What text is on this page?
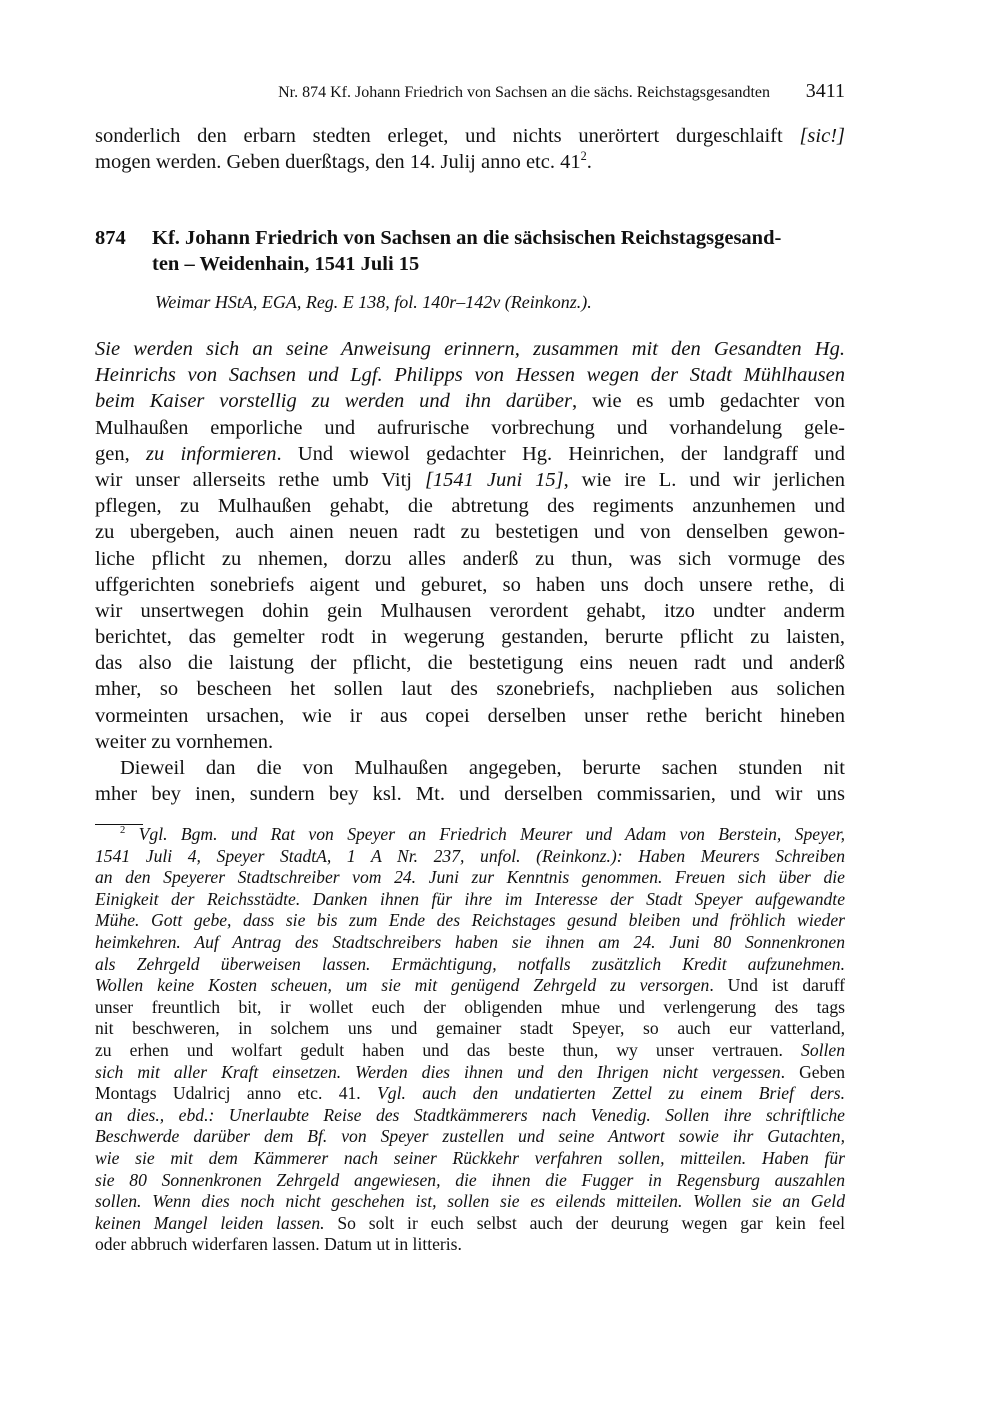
Nr. 874 Kf. Johann Friedrich von Sachsen an die sächs. Reichstagsgesandten 3411
sonderlich den erbarn stedten erleget, und nichts unerörtert durgeschlaift [sic!]
mogen werden. Geben duerßtags, den 14. Julij anno etc. $41^2$.
874 Kf. Johann Friedrich von Sachsen an die sächsischen Reichstagsgesand-
ten – Weidenhain, 1541 Juli 15
Weimar HStA, EGA, Reg. E 138, fol. 140r–142v (Reinkonz.).
Sie werden sich an seine Anweisung erinnern, zusammen mit den Gesandten Hg.
Heinrichs von Sachsen und Lgf. Philipps von Hessen wegen der Stadt Mühlhausen
beim Kaiser vorstellig zu werden und ihn darüber, wie es umb gedachter von
Mulhaußen emporliche und aufrurische vorbrechung und vorhandelung gele-
gen, zu informieren. Und wiewol gedachter Hg. Heinrichen, der landgraff und
wir unser allerseits rethe umb Vitj [1541 Juni 15], wie ire L. und wir jerlichen
pflegen, zu Mulhaußen gehabt, die abtretung des regiments anzunhemen und
zu ubergeben, auch ainen neuen radt zu bestetigen und von denselben gewon-
liche pflicht zu nhemen, dorzu alles anderß zu thun, was sich vormuge des
uffgerichten sonebriefs aigent und geburet, so haben uns doch unsere rethe, di
wir unsertwegen dohin gein Mulhausen verordent gehabt, itzo undter anderm
berichtet, das gemelter rodt in wegerung gestanden, berurte pflicht zu laisten,
das also die laistung der pflicht, die bestetigung eins neuen radt und anderß
mher, so bescheen het sollen laut des szonebriefs, nachplieben aus solichen
vormeinten ursachen, wie ir aus copei derselben unser rethe bericht hineben
weiter zu vornhemen.
Dieweil dan die von Mulhaußen angegeben, berurte sachen stunden nit
mher bey inen, sundern bey ksl. Mt. und derselben commissarien, und wir uns
$^2$ Vgl. Bgm. und Rat von Speyer an Friedrich Meurer und Adam von Berstein, Speyer,
1541 Juli 4, Speyer StadtA, 1 A Nr. 237, unfol. (Reinkonz.): Haben Meurers Schreiben
an den Speyerer Stadtschreiber vom 24. Juni zur Kenntnis genommen. Freuen sich über die
Einigkeit der Reichsstädte. Danken ihnen für ihre im Interesse der Stadt Speyer aufgewandte
Mühe. Gott gebe, dass sie bis zum Ende des Reichstages gesund bleiben und fröhlich wieder
heimkehren. Auf Antrag des Stadtschreibers haben sie ihnen am 24. Juni 80 Sonnenkronen
als Zehrgeld überweisen lassen. Ermächtigung, notfalls zusätzlich Kredit aufzunehmen.
Wollen keine Kosten scheuen, um sie mit genügend Zehrgeld zu versorgen. Und ist daruff
unser freuntlich bit, ir wollet euch der obligenden mhue und verlengerung des tags
nit beschweren, in solchem uns und gemainer stadt Speyer, so auch eur vatterland,
zu erhen und wolfart gedult haben und das beste thun, wy unser vertrauen. Sollen
sich mit aller Kraft einsetzen. Werden dies ihnen und den Ihrigen nicht vergessen. Geben
Montags Udalricj anno etc. 41. Vgl. auch den undatierten Zettel zu einem Brief ders.
an dies., ebd.: Unerlaubte Reise des Stadtkämmerers nach Venedig. Sollen ihre schriftliche
Beschwerde darüber dem Bf. von Speyer zustellen und seine Antwort sowie ihr Gutachten,
wie sie mit dem Kämmerer nach seiner Rückkehr verfahren sollen, mitteilen. Haben für
sie 80 Sonnenkronen Zehrgeld angewiesen, die ihnen die Fugger in Regensburg auszahlen
sollen. Wenn dies noch nicht geschehen ist, sollen sie es eilends mitteilen. Wollen sie an Geld
keinen Mangel leiden lassen. So solt ir euch selbst auch der deurung wegen gar kein feel
oder abbruch widerfaren lassen. Datum ut in litteris.
